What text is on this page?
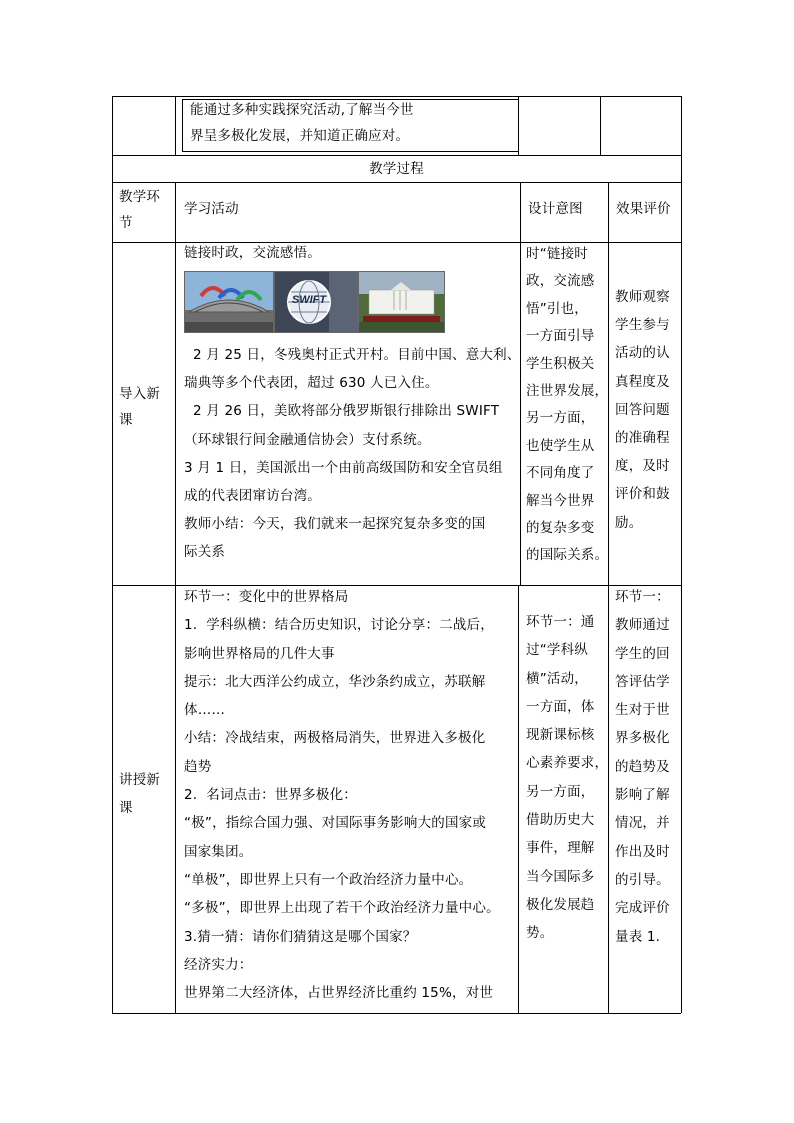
能通过多种实践探究活动,了解当今世
界呈多极化发展，并知道正确应对。
教学过程
教学环
节
学习活动	设计意图 效果评价
导入新
课
链接时政，交流感悟。
SWIFT
2 月 25 日，冬残奥村正式开村。目前中国、意大利、
瑞典等多个代表团，超过 630 人已入住。
2 月 26 日，美欧将部分俄罗斯银行排除出 SWIFT
（环球银行间金融通信协会）支付系统。
3 月 1 日，美国派出一个由前高级国防和安全官员组
成的代表团窜访台湾。
教师小结：今天，我们就来一起探究复杂多变的国
际关系
时“链接时
政，交流感
悟”引也，
一方面引导
学生积极关
注世界发展，
另一方面，
也使学生从
不同角度了
解当今世界
的复杂多变
的国际关系。
教师观察
学生参与
活动的认
真程度及
回答问题
的准确程
度，及时
评价和鼓
励。
讲授新
课
环节一：变化中的世界格局
1.  学科纵横：结合历史知识，讨论分享：二战后，
影响世界格局的几件大事
提示：北大西洋公约成立，华沙条约成立，苏联解
体……
小结：冷战结束，两极格局消失，世界进入多极化
趋势
2.  名词点击：世界多极化：
“极”，指综合国力强、对国际事务影响大的国家或
国家集团。
“单极”，即世界上只有一个政治经济力量中心。
“多极”，即世界上出现了若干个政治经济力量中心。
3.猜一猜：请你们猜猜这是哪个国家？
经济实力：
世界第二大经济体，占世界经济比重约 15%，对世
环节一：通
过“学科纵
横”活动，
一方面，体
现新课标核
心素养要求，
另一方面，
借助历史大
事件，理解
当今国际多
极化发展趋
势。
环节一：
教师通过
学生的回
答评估学
生对于世
界多极化
的趋势及
影响了解
情况，并
作出及时
的引导。
完成评价
量表 1.
